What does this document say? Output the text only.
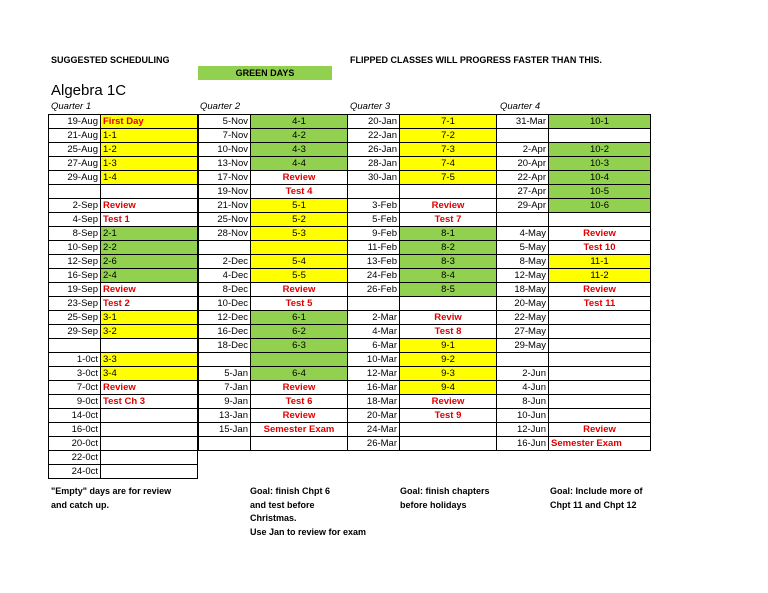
SUGGESTED SCHEDULING	FLIPPED CLASSES WILL PROGRESS FASTER THAN THIS.
GREEN DAYS
Algebra 1C
Quarter 1	Quarter 2	Quarter 3	Quarter 4
19-Aug	First Day
21-Aug	1-1
25-Aug	1-2
27-Aug	1-3
29-Aug	1-4

2-Sep	Review
4-Sep	Test 1
8-Sep	2-1
10-Sep	2-2
12-Sep	2-6
16-Sep	2-4
19-Sep	Review
23-Sep	Test 2
25-Sep	3-1
29-Sep	3-2

1-0ct	3-3
3-0ct	3-4
7-0ct	Review
9-0ct	Test Ch 3
14-0ct	
16-0ct	
20-0ct	
22-0ct	
24-0ct	
5-Nov	4-1
7-Nov	4-2
10-Nov	4-3
13-Nov	4-4
17-Nov	Review
19-Nov	Test 4
21-Nov	5-1
25-Nov	5-2
28-Nov	5-3

2-Dec	5-4
4-Dec	5-5
8-Dec	Review
10-Dec	Test 5
12-Dec	6-1
16-Dec	6-2
18-Dec	6-3

5-Jan	6-4
7-Jan	Review
9-Jan	Test 6
13-Jan	Review
15-Jan	Semester Exam

20-Jan	7-1
22-Jan	7-2
26-Jan	7-3
28-Jan	7-4
30-Jan	7-5

3-Feb	Review
5-Feb	Test 7
9-Feb	8-1
11-Feb	8-2
13-Feb	8-3
24-Feb	8-4
26-Feb	8-5

2-Mar	Reviw
4-Mar	Test 8
6-Mar	9-1
10-Mar	9-2
12-Mar	9-3
16-Mar	9-4
18-Mar	Review
20-Mar	Test 9
24-Mar	
26-Mar	
31-Mar	10-1

2-Apr	10-2
20-Apr	10-3
22-Apr	10-4
27-Apr	10-5
29-Apr	10-6

4-May	Review
5-May	Test 10
8-May	11-1
12-May	11-2
18-May	Review
20-May	Test 11
22-May	
27-May	
29-May	

2-Jun	
4-Jun	
8-Jun	
10-Jun	
12-Jun	Review
16-Jun	Semester Exam
"Empty" days are for review
and catch up.
Goal: finish Chpt 6
and test before
Christmas.
Use Jan to review for exam
Goal: finish chapters
before holidays
Goal: Include more of
Chpt 11 and Chpt 12
